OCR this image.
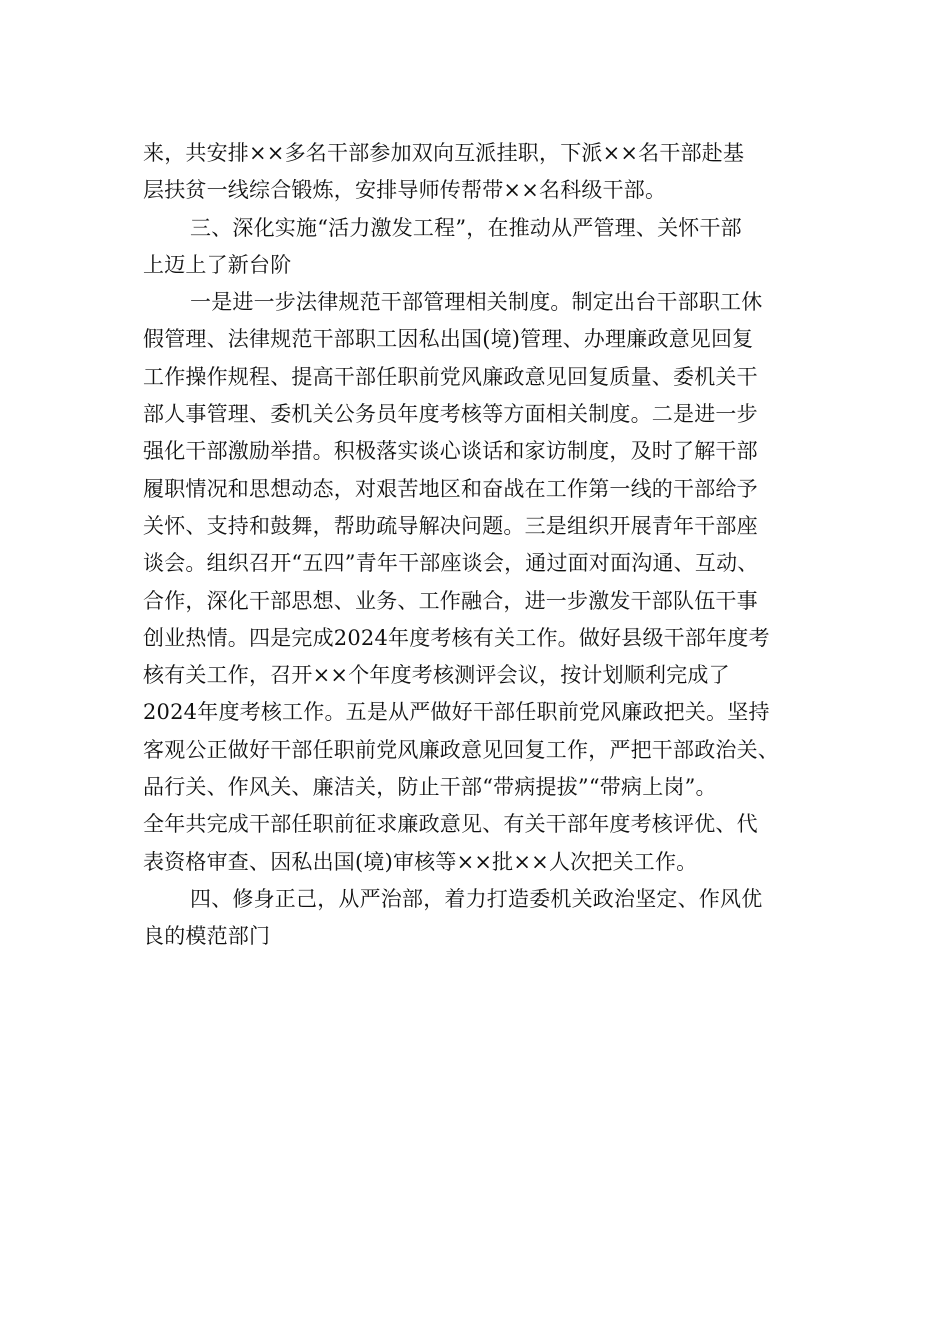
来，共安排××多名干部参加双向互派挂职，下派××名干部赴基
层扶贫一线综合锻炼，安排导师传帮带××名科级干部。
三、深化实施“活力激发工程”，在推动从严管理、关怀干部
上迈上了新台阶
一是进一步法律规范干部管理相关制度。制定出台干部职工休
假管理、法律规范干部职工因私出国(境)管理、办理廉政意见回复
工作操作规程、提高干部任职前党风廉政意见回复质量、委机关干
部人事管理、委机关公务员年度考核等方面相关制度。二是进一步
强化干部激励举措。积极落实谈心谈话和家访制度，及时了解干部
履职情况和思想动态，对艰苦地区和奋战在工作第一线的干部给予
关怀、支持和鼓舞，帮助疏导解决问题。三是组织开展青年干部座
谈会。组织召开“五四”青年干部座谈会，通过面对面沟通、互动、
合作，深化干部思想、业务、工作融合，进一步激发干部队伍干事
创业热情。四是完成2024年度考核有关工作。做好县级干部年度考
核有关工作，召开××个年度考核测评会议，按计划顺利完成了
2024年度考核工作。五是从严做好干部任职前党风廉政把关。坚持
客观公正做好干部任职前党风廉政意见回复工作，严把干部政治关、
品行关、作风关、廉洁关，防止干部“带病提拔”“带病上岗”。
全年共完成干部任职前征求廉政意见、有关干部年度考核评优、代
表资格审查、因私出国(境)审核等××批××人次把关工作。
四、修身正己，从严治部，着力打造委机关政治坚定、作风优
良的模范部门
